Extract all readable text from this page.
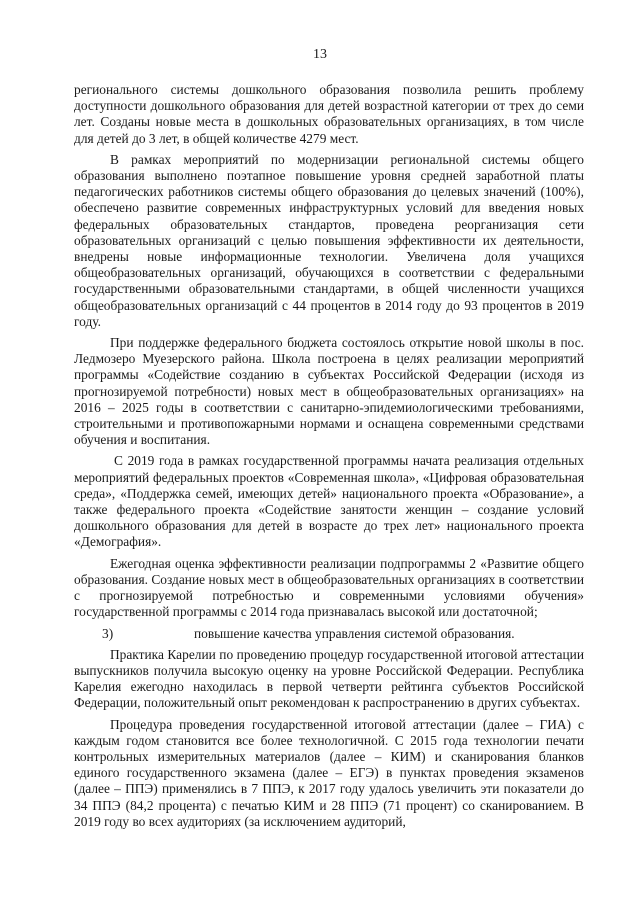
13

регионального системы дошкольного образования позволила решить проблему доступности дошкольного образования для детей возрастной категории от трех до семи лет. Созданы новые места в дошкольных образовательных организациях, в том числе для детей до 3 лет, в общей количестве 4279 мест.

В рамках мероприятий по модернизации региональной системы общего образования выполнено поэтапное повышение уровня средней заработной платы педагогических работников системы общего образования до целевых значений (100%), обеспечено развитие современных инфраструктурных условий для введения новых федеральных образовательных стандартов, проведена реорганизация сети образовательных организаций с целью повышения эффективности их деятельности, внедрены новые информационные технологии. Увеличена доля учащихся общеобразовательных организаций, обучающихся в соответствии с федеральными государственными образовательными стандартами, в общей численности учащихся общеобразовательных организаций с 44 процентов в 2014 году до 93 процентов в 2019 году.

При поддержке федерального бюджета состоялось открытие новой школы в пос. Ледмозеро Муезерского района. Школа построена в целях реализации мероприятий программы «Содействие созданию в субъектах Российской Федерации (исходя из прогнозируемой потребности) новых мест в общеобразовательных организациях» на 2016 – 2025 годы в соответствии с санитарно-эпидемиологическими требованиями, строительными и противопожарными нормами и оснащена современными средствами обучения и воспитания.

С 2019 года в рамках государственной программы начата реализация отдельных мероприятий федеральных проектов «Современная школа», «Цифровая образовательная среда», «Поддержка семей, имеющих детей» национального проекта «Образование», а также федерального проекта «Содействие занятости женщин – создание условий дошкольного образования для детей в возрасте до трех лет» национального проекта «Демография».

Ежегодная оценка эффективности реализации подпрограммы 2 «Развитие общего образования. Создание новых мест в общеобразовательных организациях в соответствии с прогнозируемой потребностью и современными условиями обучения» государственной программы с 2014 года признавалась высокой или достаточной;

3)	повышение качества управления системой образования.

Практика Карелии по проведению процедур государственной итоговой аттестации выпускников получила высокую оценку на уровне Российской Федерации. Республика Карелия ежегодно находилась в первой четверти рейтинга субъектов Российской Федерации, положительный опыт рекомендован к распространению в других субъектах.

Процедура проведения государственной итоговой аттестации (далее – ГИА) с каждым годом становится все более технологичной. С 2015 года технологии печати контрольных измерительных материалов (далее – КИМ) и сканирования бланков единого государственного экзамена (далее – ЕГЭ) в пунктах проведения экзаменов (далее – ППЭ) применялись в 7 ППЭ, к 2017 году удалось увеличить эти показатели до 34 ППЭ (84,2 процента) с печатью КИМ и 28 ППЭ (71 процент) со сканированием. В 2019 году во всех аудиториях (за исключением аудиторий,
